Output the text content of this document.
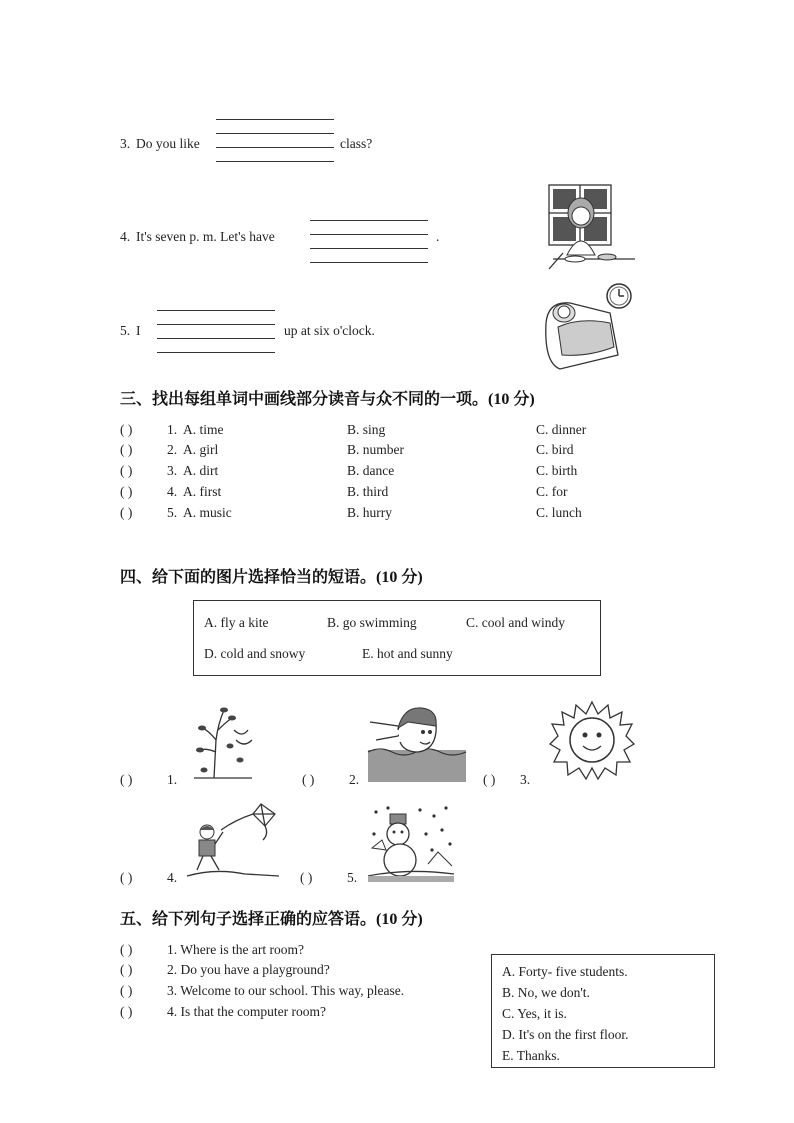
3. Do you like	class?
4. It's seven p. m. Let's have	.
5. I	up at six o'clock.
三、找出每组单词中画线部分读音与众不同的一项。(10 分)
( )	1. A. time	B. sing	C. dinner
( )	2. A. girl	B. number	C. bird
( )	3. A. dirt	B. dance	C. birth
( )	4. A. first	B. third	C. for
( )	5. A. music	B. hurry	C. lunch
四、给下面的图片选择恰当的短语。(10 分)
A. fly a kite	B. go swimming	C. cool and windy
D. cold and snowy	E. hot and sunny
( )	1.	( )	2.	( ) 3.
( )	4.	( )	5.
五、给下列句子选择正确的应答语。(10 分)
( )	1. Where is the art room?
( )	2. Do you have a playground?
( )	3. Welcome to our school. This way, please.
( )	4. Is that the computer room?
A. Forty- five students.
B. No, we don't.
C. Yes, it is.
D. It's on the first floor.
E. Thanks.
